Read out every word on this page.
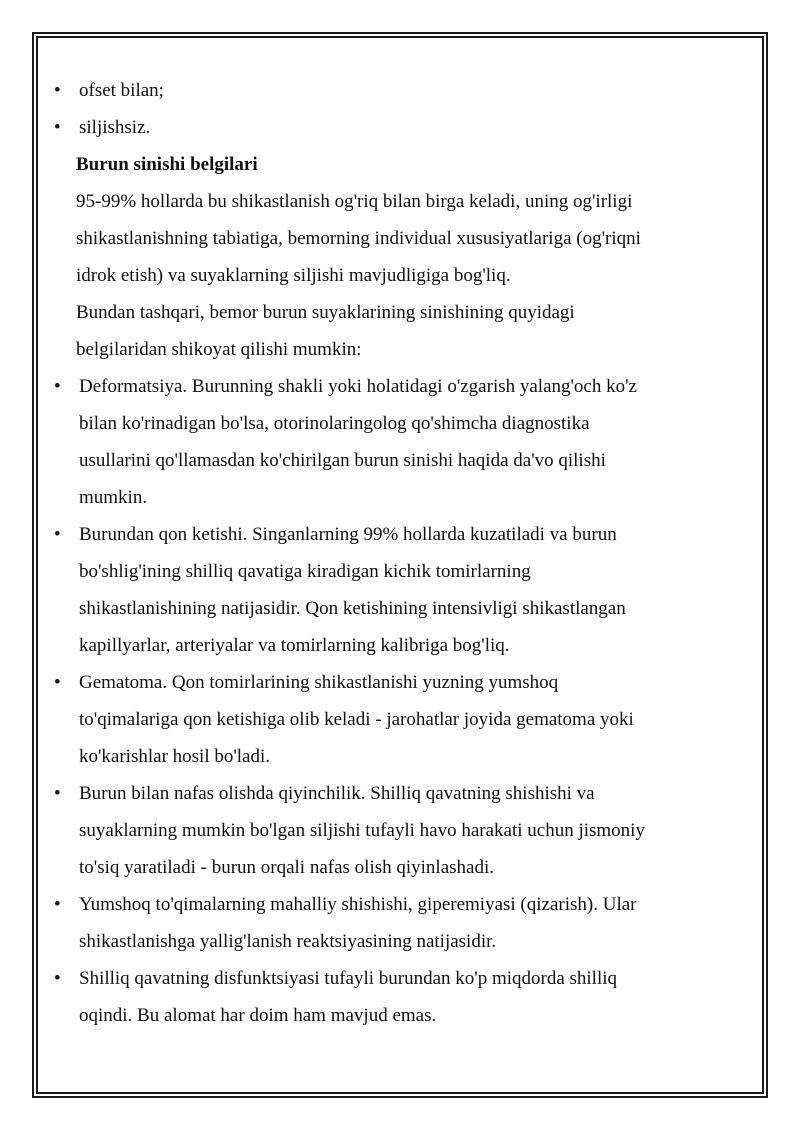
• ofset bilan;
• siljishsiz.
Burun sinishi belgilari
95-99% hollarda bu shikastlanish og'riq bilan birga keladi, uning og'irligi
shikastlanishning tabiatiga, bemorning individual xususiyatlariga (og'riqni
idrok etish) va suyaklarning siljishi mavjudligiga bog'liq.
Bundan tashqari, bemor burun suyaklarining sinishining quyidagi
belgilaridan shikoyat qilishi mumkin:
• Deformatsiya. Burunning shakli yoki holatidagi o'zgarish yalang'och ko'z
bilan ko'rinadigan bo'lsa, otorinolaringolog qo'shimcha diagnostika
usullarini qo'llamasdan ko'chirilgan burun sinishi haqida da'vo qilishi
mumkin.
• Burundan qon ketishi. Singanlarning 99% hollarda kuzatiladi va burun
bo'shlig'ining shilliq qavatiga kiradigan kichik tomirlarning
shikastlanishining natijasidir. Qon ketishining intensivligi shikastlangan
kapillyarlar, arteriyalar va tomirlarning kalibriga bog'liq.
• Gematoma. Qon tomirlarining shikastlanishi yuzning yumshoq
to'qimalariga qon ketishiga olib keladi - jarohatlar joyida gematoma yoki
ko'karishlar hosil bo'ladi.
• Burun bilan nafas olishda qiyinchilik. Shilliq qavatning shishishi va
suyaklarning mumkin bo'lgan siljishi tufayli havo harakati uchun jismoniy
to'siq yaratiladi - burun orqali nafas olish qiyinlashadi.
• Yumshoq to'qimalarning mahalliy shishishi, giperemiyasi (qizarish). Ular
shikastlanishga yallig'lanish reaktsiyasining natijasidir.
• Shilliq qavatning disfunktsiyasi tufayli burundan ko'p miqdorda shilliq
oqindi. Bu alomat har doim ham mavjud emas.
